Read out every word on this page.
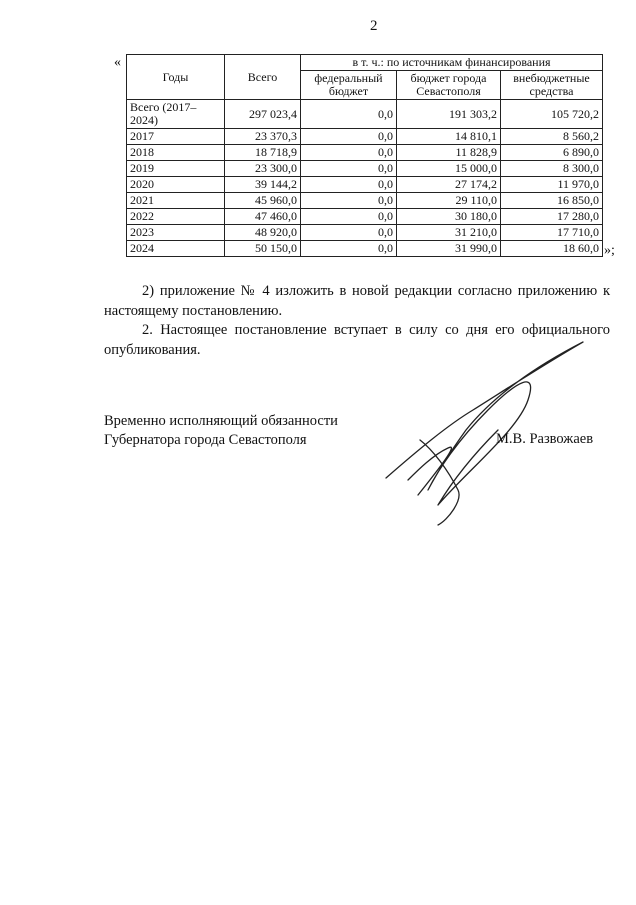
2
«
Годы	Всего	в т. ч.: по источникам финансирования		
		федеральный бюджет	бюджет города Севастополя	внебюджетные средства
Всего (2017–2024)	297 023,4	0,0	191 303,2	105 720,2
2017	23 370,3	0,0	14 810,1	8 560,2
2018	18 718,9	0,0	11 828,9	6 890,0
2019	23 300,0	0,0	15 000,0	8 300,0
2020	39 144,2	0,0	27 174,2	11 970,0
2021	45 960,0	0,0	29 110,0	16 850,0
2022	47 460,0	0,0	30 180,0	17 280,0
2023	48 920,0	0,0	31 210,0	17 710,0
2024	50 150,0	0,0	31 990,0	18 60,0 »;
2) приложение № 4 изложить в новой редакции согласно приложению к настоящему постановлению.
2. Настоящее постановление вступает в силу со дня его официального опубликования.
Временно исполняющий обязанности
Губернатора города Севастополя	М.В. Развожаев
